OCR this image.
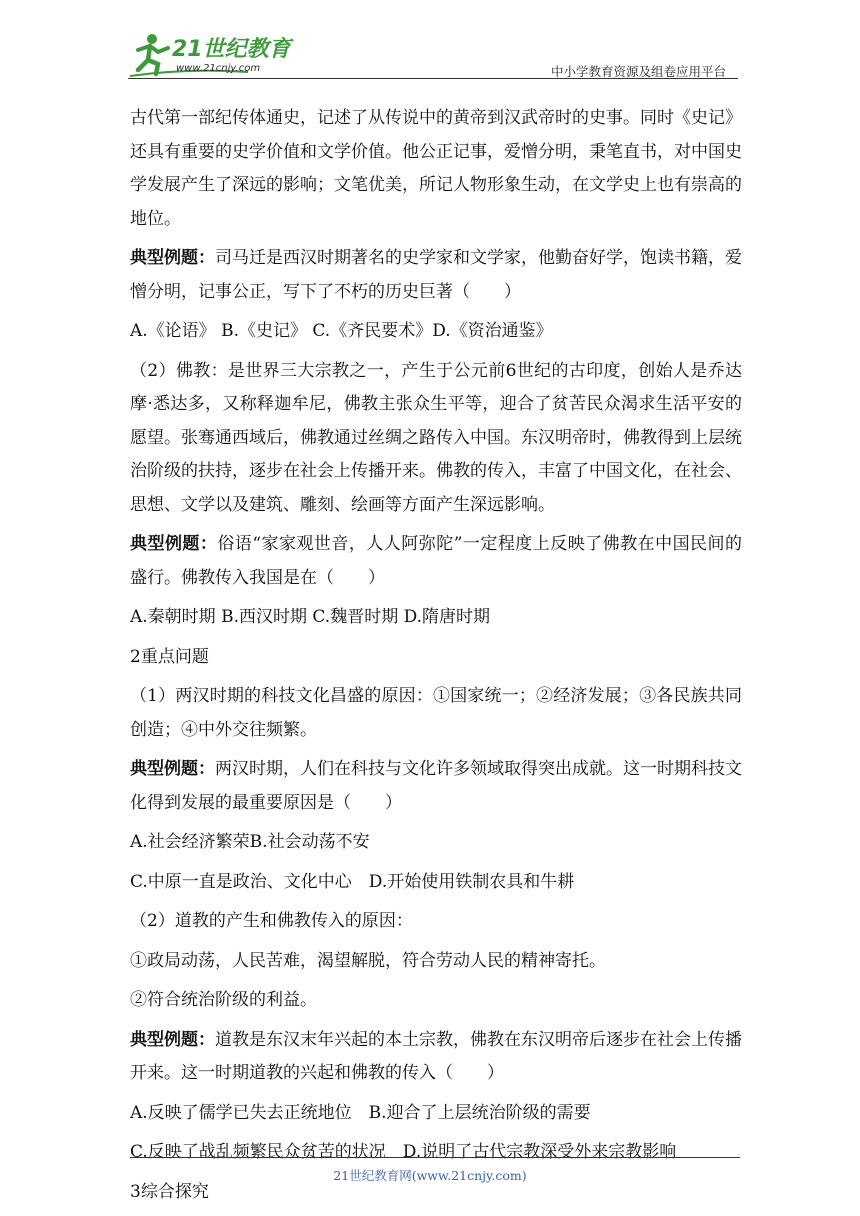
21世纪教育
www.21cnjy.com	中小学教育资源及组卷应用平台

古代第一部纪传体通史，记述了从传说中的黄帝到汉武帝时的史事。同时《史记》还具有重要的史学价值和文学价值。他公正记事，爱憎分明，秉笔直书，对中国史学发展产生了深远的影响；文笔优美，所记人物形象生动，在文学史上也有崇高的地位。

典型例题：司马迁是西汉时期著名的史学家和文学家，他勤奋好学，饱读书籍，爱憎分明，记事公正，写下了不朽的历史巨著（　　）

A.《论语》 B.《史记》 C.《齐民要术》D.《资治通鉴》

（2）佛教：是世界三大宗教之一，产生于公元前6世纪的古印度，创始人是乔达摩·悉达多，又称释迦牟尼，佛教主张众生平等，迎合了贫苦民众渴求生活平安的愿望。张骞通西域后，佛教通过丝绸之路传入中国。东汉明帝时，佛教得到上层统治阶级的扶持，逐步在社会上传播开来。佛教的传入，丰富了中国文化，在社会、思想、文学以及建筑、雕刻、绘画等方面产生深远影响。

典型例题：俗语“家家观世音，人人阿弥陀”一定程度上反映了佛教在中国民间的盛行。佛教传入我国是在（　　）

A.秦朝时期 B.西汉时期 C.魏晋时期 D.隋唐时期

2重点问题

（1）两汉时期的科技文化昌盛的原因：①国家统一；②经济发展；③各民族共同创造；④中外交往频繁。

典型例题：两汉时期，人们在科技与文化许多领域取得突出成就。这一时期科技文化得到发展的最重要原因是（　　）

A.社会经济繁荣B.社会动荡不安

C.中原一直是政治、文化中心　D.开始使用铁制农具和牛耕

（2）道教的产生和佛教传入的原因：

①政局动荡，人民苦难，渴望解脱，符合劳动人民的精神寄托。

②符合统治阶级的利益。

典型例题：道教是东汉末年兴起的本土宗教，佛教在东汉明帝后逐步在社会上传播开来。这一时期道教的兴起和佛教的传入（　　）

A.反映了儒学已失去正统地位　B.迎合了上层统治阶级的需要

C.反映了战乱频繁民众贫苦的状况　D.说明了古代宗教深受外来宗教影响

3综合探究

21世纪教育网(www.21cnjy.com)
